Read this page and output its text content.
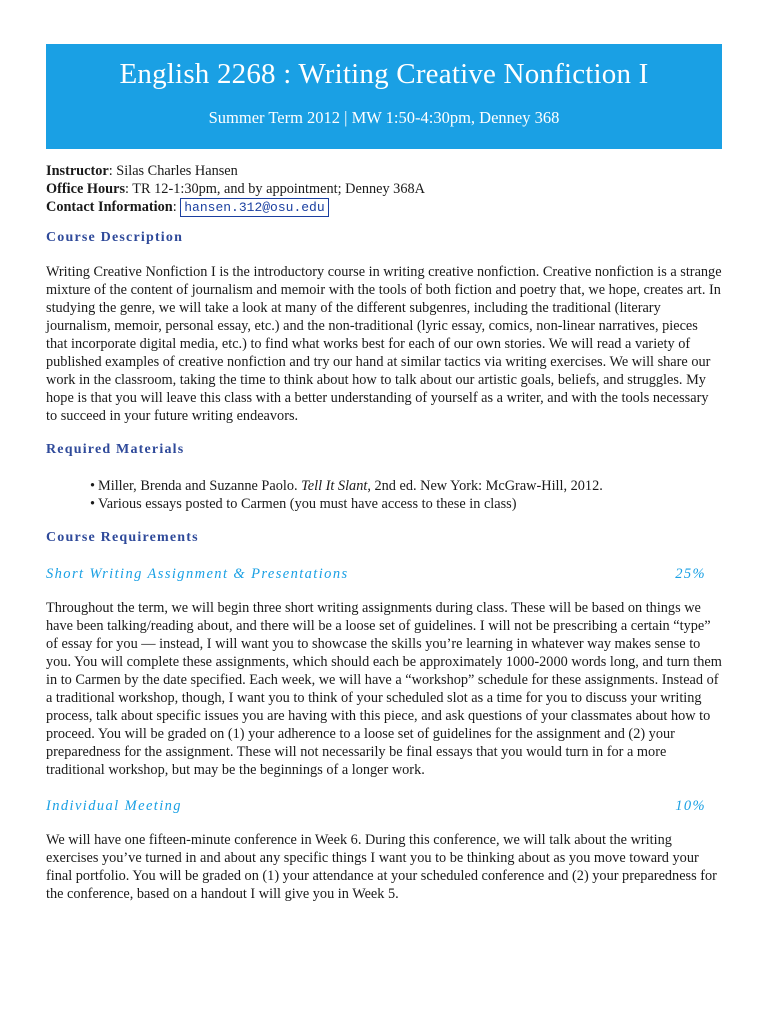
English 2268 : Writing Creative Nonfiction I
Summer Term 2012 | MW 1:50-4:30pm, Denney 368

Instructor: Silas Charles Hansen

Office Hours: TR 12-1:30pm, and by appointment; Denney 368A

Contact Information: hansen.312@osu.edu

Course Description

Writing Creative Nonfiction I is the introductory course in writing creative nonfiction. Creative nonfiction is a strange mixture of the content of journalism and memoir with the tools of both fiction and poetry that, we hope, creates art. In studying the genre, we will take a look at many of the different subgenres, including the traditional (literary journalism, memoir, personal essay, etc.) and the non-traditional (lyric essay, comics, non-linear narratives, pieces that incorporate digital media, etc.) to find what works best for each of our own stories. We will read a variety of published examples of creative nonfiction and try our hand at similar tactics via writing exercises. We will share our work in the classroom, taking the time to think about how to talk about our artistic goals, beliefs, and struggles. My hope is that you will leave this class with a better understanding of yourself as a writer, and with the tools necessary to succeed in your future writing endeavors.

Required Materials
• Miller, Brenda and Suzanne Paolo. Tell It Slant, 2nd ed. New York: McGraw-Hill, 2012.
• Various essays posted to Carmen (you must have access to these in class)
Course Requirements
Short Writing Assignment & Presentations	25%

Throughout the term, we will begin three short writing assignments during class. These will be based on things we have been talking/reading about, and there will be a loose set of guidelines. I will not be prescribing a certain “type” of essay for you — instead, I will want you to showcase the skills you’re learning in whatever way makes sense to you. You will complete these assignments, which should each be approximately 1000-2000 words long, and turn them in to Carmen by the date specified. Each week, we will have a “workshop” schedule for these assignments. Instead of a traditional workshop, though, I want you to think of your scheduled slot as a time for you to discuss your writing process, talk about specific issues you are having with this piece, and ask questions of your classmates about how to proceed. You will be graded on (1) your adherence to a loose set of guidelines for the assignment and (2) your preparedness for the assignment. These will not necessarily be final essays that you would turn in for a more traditional workshop, but may be the beginnings of a longer work.

Individual Meeting	10%

We will have one fifteen-minute conference in Week 6. During this conference, we will talk about the writing exercises you’ve turned in and about any specific things I want you to be thinking about as you move toward your final portfolio. You will be graded on (1) your attendance at your scheduled conference and (2) your preparedness for the conference, based on a handout I will give you in Week 5.
